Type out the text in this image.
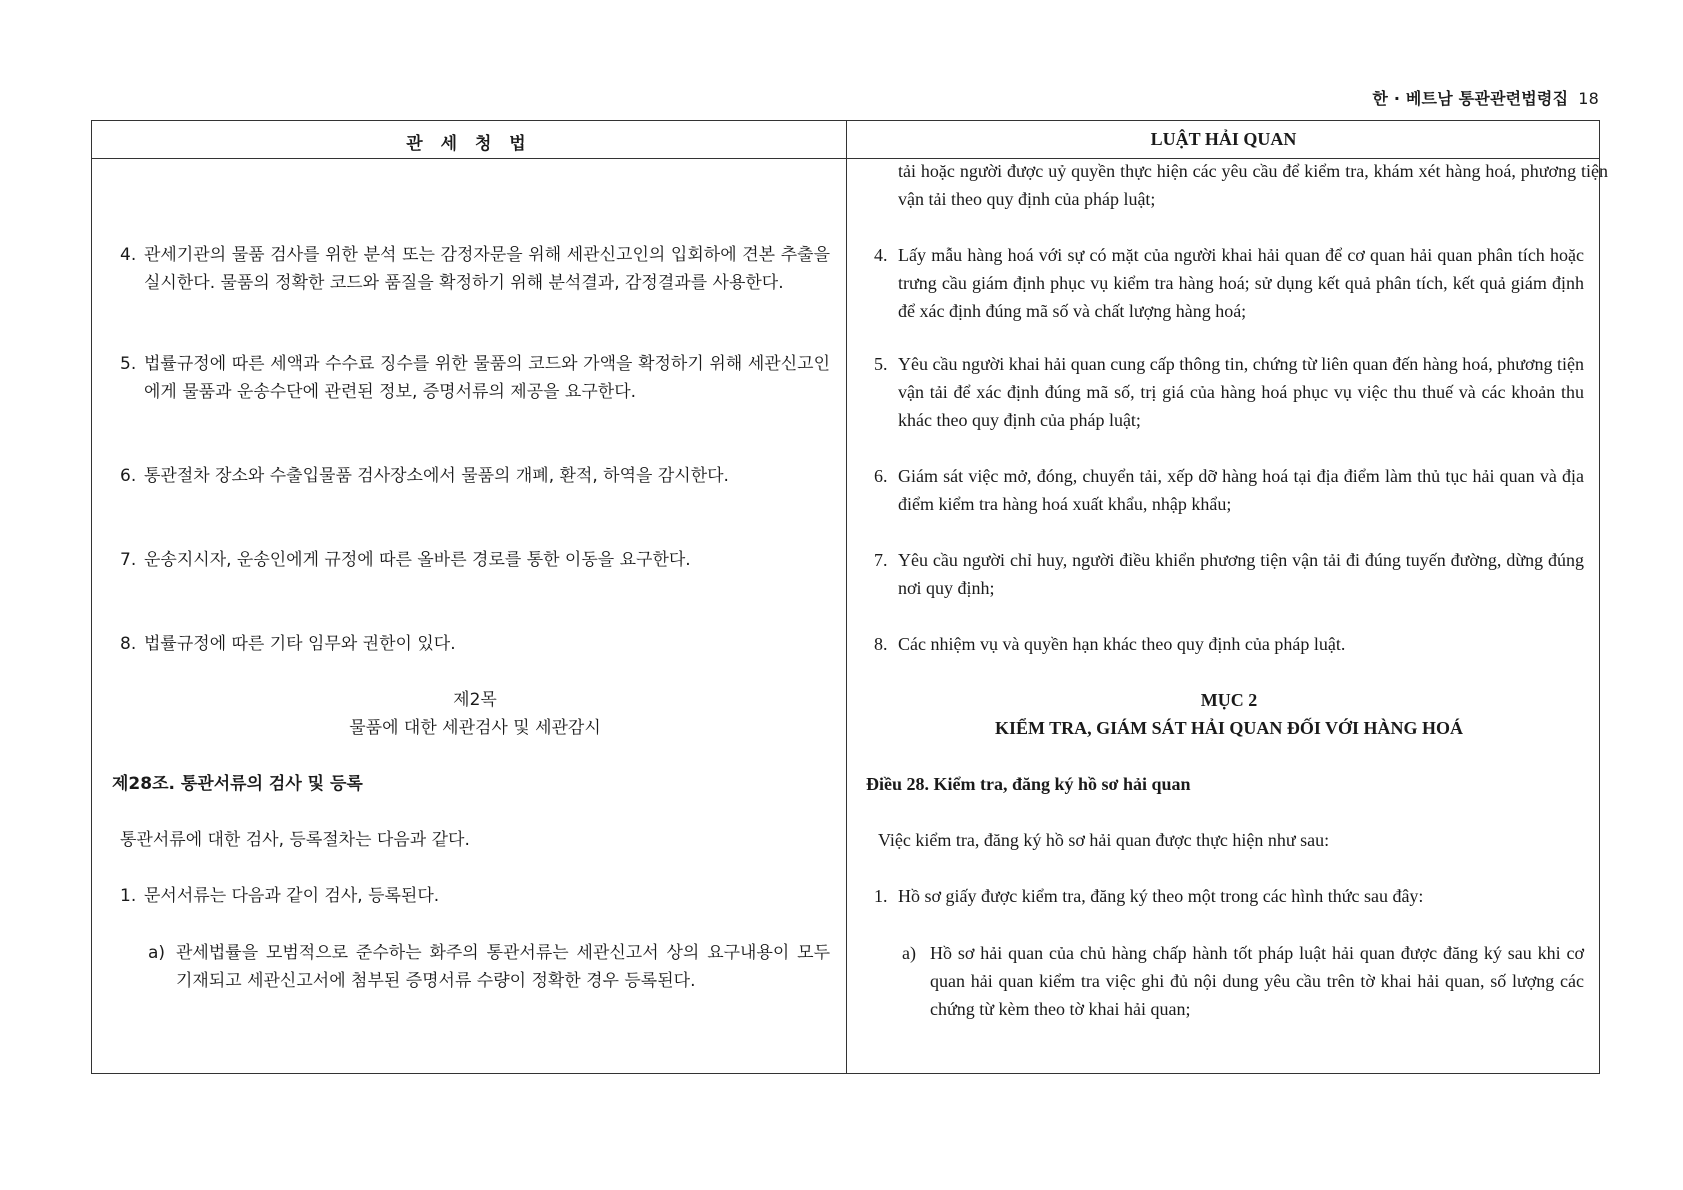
한 · 베트남 통관관련법령집 18
관 세 청 법	LUẬT HẢI QUAN
4. 관세기관의 물품 검사를 위한 분석 또는 감정자문을 위해 세관신고인의 입회하에 견본 추출을 실시한다. 물품의 정확한 코드와 품질을 확정하기 위해 분석결과, 감정결과를 사용한다.
5. 법률규정에 따른 세액과 수수료 징수를 위한 물품의 코드와 가액을 확정하기 위해 세관신고인에게 물품과 운송수단에 관련된 정보, 증명서류의 제공을 요구한다.
6. 통관절차 장소와 수출입물품 검사장소에서 물품의 개폐, 환적, 하역을 감시한다.
7. 운송지시자, 운송인에게 규정에 따른 올바른 경로를 통한 이동을 요구한다.
8. 법률규정에 따른 기타 임무와 권한이 있다.
제2목
물품에 대한 세관검사 및 세관감시
제28조. 통관서류의 검사 및 등록
통관서류에 대한 검사, 등록절차는 다음과 같다.
1. 문서서류는 다음과 같이 검사, 등록된다.
a) 관세법률을 모범적으로 준수하는 화주의 통관서류는 세관신고서 상의 요구내용이 모두 기재되고 세관신고서에 첨부된 증명서류 수량이 정확한 경우 등록된다.
tải hoặc người được uỷ quyền thực hiện các yêu cầu để kiểm tra, khám xét hàng hoá, phương tiện vận tải theo quy định của pháp luật;
4. Lấy mẫu hàng hoá với sự có mặt của người khai hải quan để cơ quan hải quan phân tích hoặc trưng cầu giám định phục vụ kiểm tra hàng hoá; sử dụng kết quả phân tích, kết quả giám định để xác định đúng mã số và chất lượng hàng hoá;
5. Yêu cầu người khai hải quan cung cấp thông tin, chứng từ liên quan đến hàng hoá, phương tiện vận tải để xác định đúng mã số, trị giá của hàng hoá phục vụ việc thu thuế và các khoản thu khác theo quy định của pháp luật;
6. Giám sát việc mở, đóng, chuyển tải, xếp dỡ hàng hoá tại địa điểm làm thủ tục hải quan và địa điểm kiểm tra hàng hoá xuất khẩu, nhập khẩu;
7. Yêu cầu người chỉ huy, người điều khiển phương tiện vận tải đi đúng tuyến đường, dừng đúng nơi quy định;
8. Các nhiệm vụ và quyền hạn khác theo quy định của pháp luật.
MỤC 2
KIỂM TRA, GIÁM SÁT HẢI QUAN ĐỐI VỚI HÀNG HOÁ
Điều 28. Kiểm tra, đăng ký hồ sơ hải quan
Việc kiểm tra, đăng ký hồ sơ hải quan được thực hiện như sau:
1. Hồ sơ giấy được kiểm tra, đăng ký theo một trong các hình thức sau đây:
a) Hồ sơ hải quan của chủ hàng chấp hành tốt pháp luật hải quan được đăng ký sau khi cơ quan hải quan kiểm tra việc ghi đủ nội dung yêu cầu trên tờ khai hải quan, số lượng các chứng từ kèm theo tờ khai hải quan;
